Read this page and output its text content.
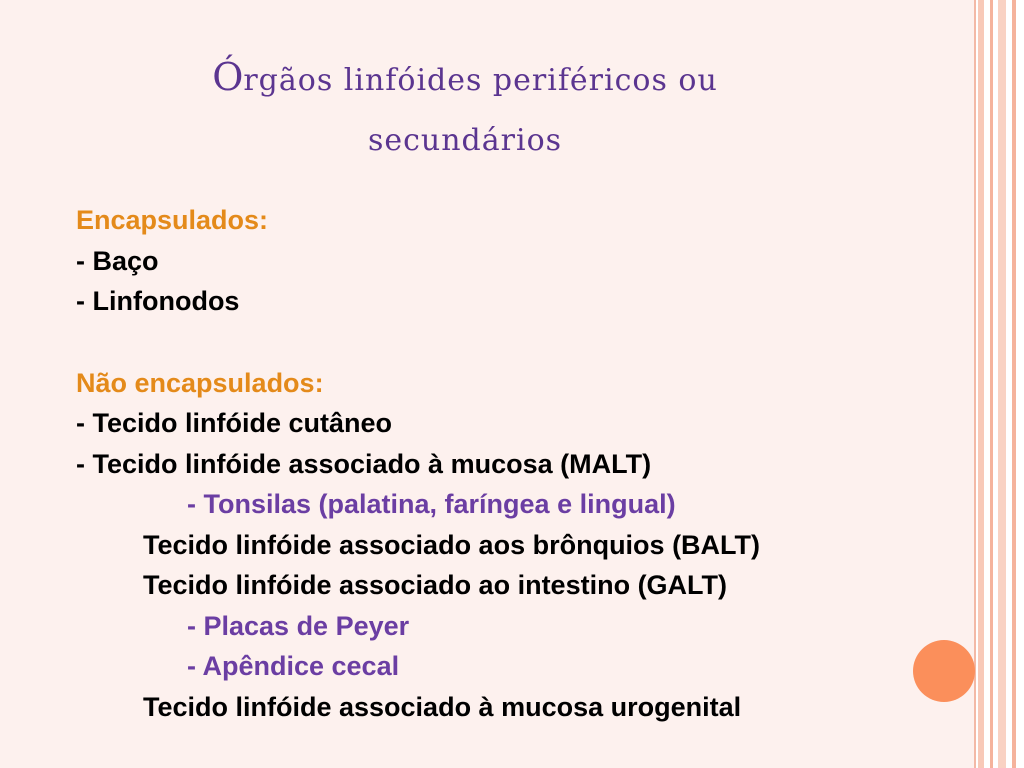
Órgãos linfóides periféricos ou
secundários
Encapsulados:
- Baço
- Linfonodos
Não encapsulados:
- Tecido linfóide cutâneo
- Tecido linfóide associado à mucosa (MALT)
- Tonsilas (palatina, faríngea e lingual)
Tecido linfóide associado aos brônquios (BALT)
Tecido linfóide associado ao intestino (GALT)
- Placas de Peyer
- Apêndice cecal
Tecido linfóide associado à mucosa urogenital
